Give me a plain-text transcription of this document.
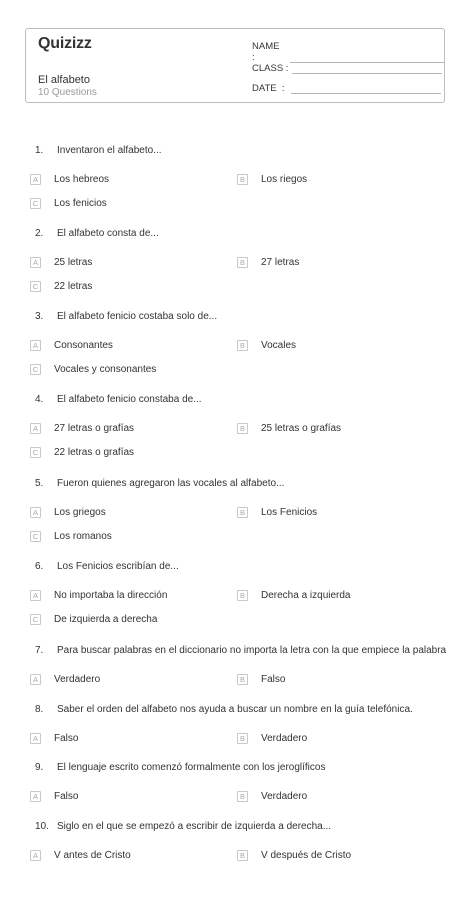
Quizizz
El alfabeto
10 Questions
NAME :
CLASS :
DATE  :
1. Inventaron el alfabeto...
A	Los hebreos	B	Los riegos
C Los fenicios
2. El alfabeto consta de...
A	25 letras	B	27 letras
C 22 letras
3. El alfabeto fenicio costaba solo de...
A	Consonantes	B	Vocales
C Vocales y consonantes
4. El alfabeto fenicio constaba de...
A	27 letras o grafías	B	25 letras o grafías
C 22 letras o grafías
5. Fueron quienes agregaron las vocales al alfabeto...
A	Los griegos	B	Los Fenicios
C Los romanos
6. Los Fenicios escribían de...
A	No importaba la dirección	B	Derecha a izquierda
C De izquierda a derecha
7. Para buscar palabras en el diccionario no importa la letra con la que empiece la palabra
A	Verdadero	B	Falso
8. Saber el orden del alfabeto nos ayuda a buscar un nombre en la guía telefónica.
A	Falso	B	Verdadero
9. El lenguaje escrito comenzó formalmente con los jeroglíficos
A	Falso	B	Verdadero
10. Siglo en el que se empezó a escribir de izquierda a derecha...
A	V antes de Cristo	B	V después de Cristo
